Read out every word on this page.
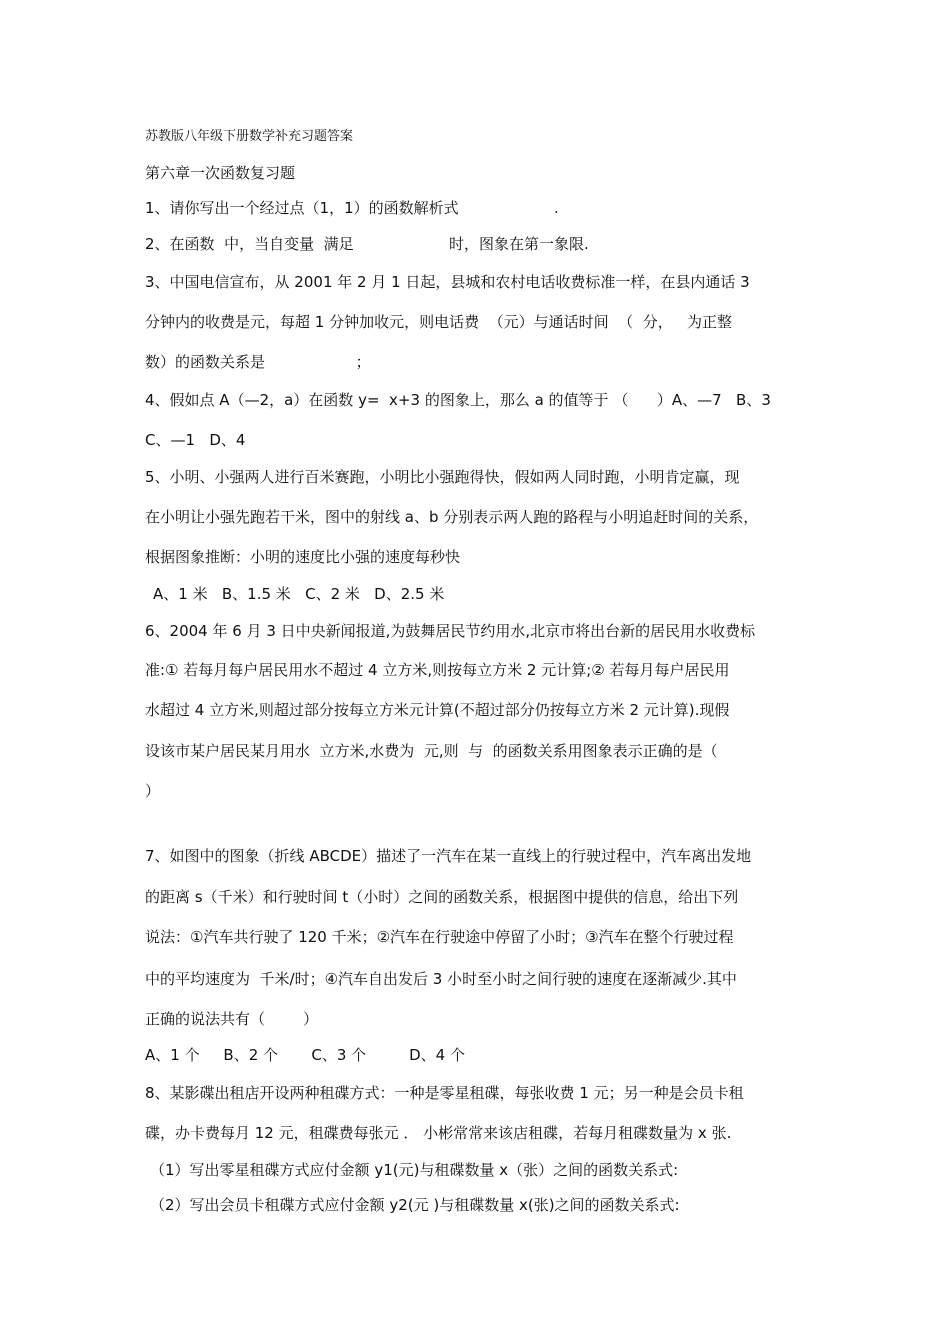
苏教版八年级下册数学补充习题答案
第六章一次函数复习题
1、请你写出一个经过点（1，1）的函数解析式                    .
2、在函数  中，当自变量  满足                    时，图象在第一象限.
3、中国电信宣布，从 2001 年 2 月 1 日起，县城和农村电话收费标准一样，在县内通话 3
分钟内的收费是元，每超 1 分钟加收元，则电话费  （元）与通话时间  （  分，   为正整
数）的函数关系是                   ；
4、假如点 A（—2，a）在函数 y=  x+3 的图象上，那么 a 的值等于 （      ）A、—7   B、3
C、—1   D、4
5、小明、小强两人进行百米赛跑，小明比小强跑得快，假如两人同时跑，小明肯定赢，现
在小明让小强先跑若干米，图中的射线 a、b 分别表示两人跑的路程与小明追赶时间的关系，
根据图象推断：小明的速度比小强的速度每秒快
A、1 米   B、1.5 米   C、2 米   D、2.5 米
6、2004 年 6 月 3 日中央新闻报道,为鼓舞居民节约用水,北京市将出台新的居民用水收费标
准:① 若每月每户居民用水不超过 4 立方米,则按每立方米 2 元计算;② 若每月每户居民用
水超过 4 立方米,则超过部分按每立方米元计算(不超过部分仍按每立方米 2 元计算).现假
设该市某户居民某月用水  立方米,水费为  元,则  与  的函数关系用图象表示正确的是（
）
7、如图中的图象（折线 ABCDE）描述了一汽车在某一直线上的行驶过程中，汽车离出发地
的距离 s（千米）和行驶时间 t（小时）之间的函数关系，根据图中提供的信息，给出下列
说法：①汽车共行驶了 120 千米；②汽车在行驶途中停留了小时；③汽车在整个行驶过程
中的平均速度为  千米/时；④汽车自出发后 3 小时至小时之间行驶的速度在逐渐减少.其中
正确的说法共有（        ）
A、1 个     B、2 个       C、3 个         D、4 个
8、某影碟出租店开设两种租碟方式：一种是零星租碟，每张收费 1 元；另一种是会员卡租
碟，办卡费每月 12 元，租碟费每张元 ． 小彬常常来该店租碟，若每月租碟数量为 x 张.
（1）写出零星租碟方式应付金额 y1(元)与租碟数量 x（张）之间的函数关系式:
（2）写出会员卡租碟方式应付金额 y2(元 )与租碟数量 x(张)之间的函数关系式:
